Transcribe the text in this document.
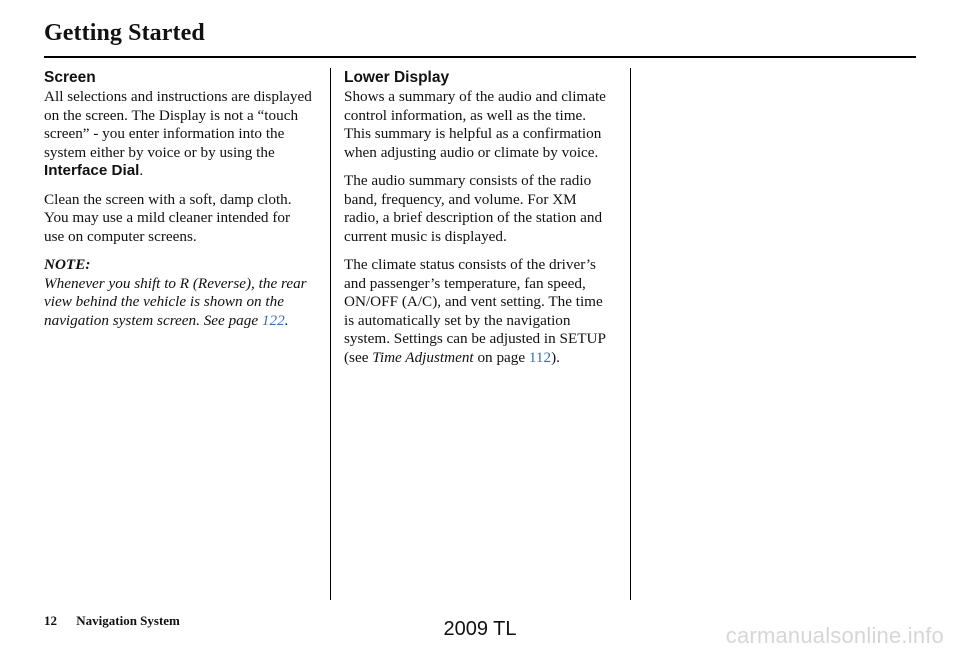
Getting Started
Screen

All selections and instructions are displayed on the screen. The Display is not a “touch screen” - you enter information into the system either by voice or by using the Interface Dial.

Clean the screen with a soft, damp cloth. You may use a mild cleaner intended for use on computer screens.

NOTE:

Whenever you shift to R (Reverse), the rear view behind the vehicle is shown on the navigation system screen. See page 122.

Lower Display

Shows a summary of the audio and climate control information, as well as the time. This summary is helpful as a confirmation when adjusting audio or climate by voice.

The audio summary consists of the radio band, frequency, and volume. For XM radio, a brief description of the station and current music is displayed.

The climate status consists of the driver’s and passenger’s temperature, fan speed, ON/OFF (A/C), and vent setting. The time is automatically set by the navigation system. Settings can be adjusted in SETUP (see Time Adjustment on page 112).

12 Navigation System	2009 TL	carmanualsonline.info
